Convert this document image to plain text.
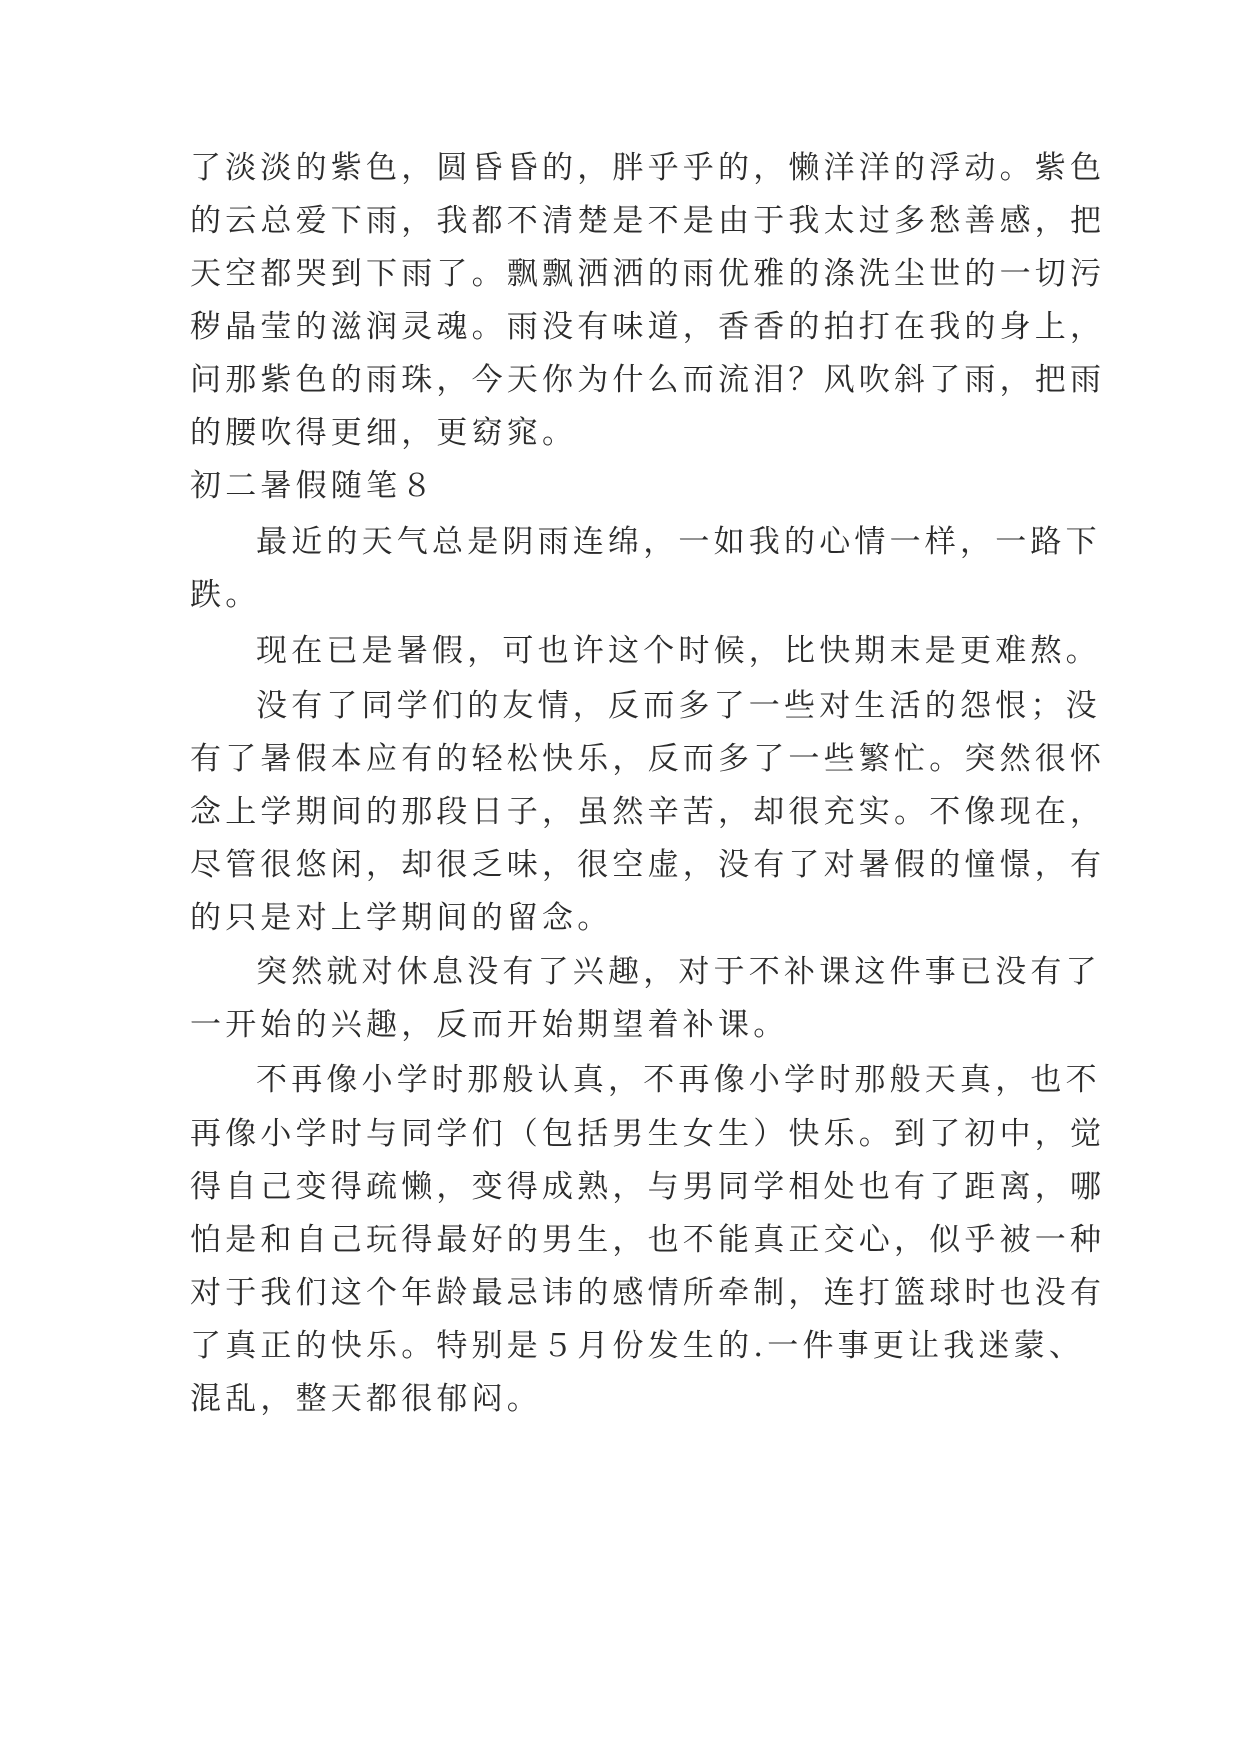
了淡淡的紫色，圆昏昏的，胖乎乎的，懒洋洋的浮动。紫色
的云总爱下雨，我都不清楚是不是由于我太过多愁善感，把
天空都哭到下雨了。飘飘洒洒的雨优雅的涤洗尘世的一切污
秽晶莹的滋润灵魂。雨没有味道，香香的拍打在我的身上，
问那紫色的雨珠，今天你为什么而流泪？风吹斜了雨，把雨
的腰吹得更细，更窈窕。
初二暑假随笔８
最近的天气总是阴雨连绵，一如我的心情一样，一路下
跌。
现在已是暑假，可也许这个时候，比快期末是更难熬。
没有了同学们的友情，反而多了一些对生活的怨恨；没
有了暑假本应有的轻松快乐，反而多了一些繁忙。突然很怀
念上学期间的那段日子，虽然辛苦，却很充实。不像现在，
尽管很悠闲，却很乏味，很空虚，没有了对暑假的憧憬，有
的只是对上学期间的留念。
突然就对休息没有了兴趣，对于不补课这件事已没有了
一开始的兴趣，反而开始期望着补课。
不再像小学时那般认真，不再像小学时那般天真，也不
再像小学时与同学们（包括男生女生）快乐。到了初中，觉
得自己变得疏懒，变得成熟，与男同学相处也有了距离，哪
怕是和自己玩得最好的男生，也不能真正交心，似乎被一种
对于我们这个年龄最忌讳的感情所牵制，连打篮球时也没有
了真正的快乐。特别是５月份发生的.一件事更让我迷蒙、
混乱，整天都很郁闷。
